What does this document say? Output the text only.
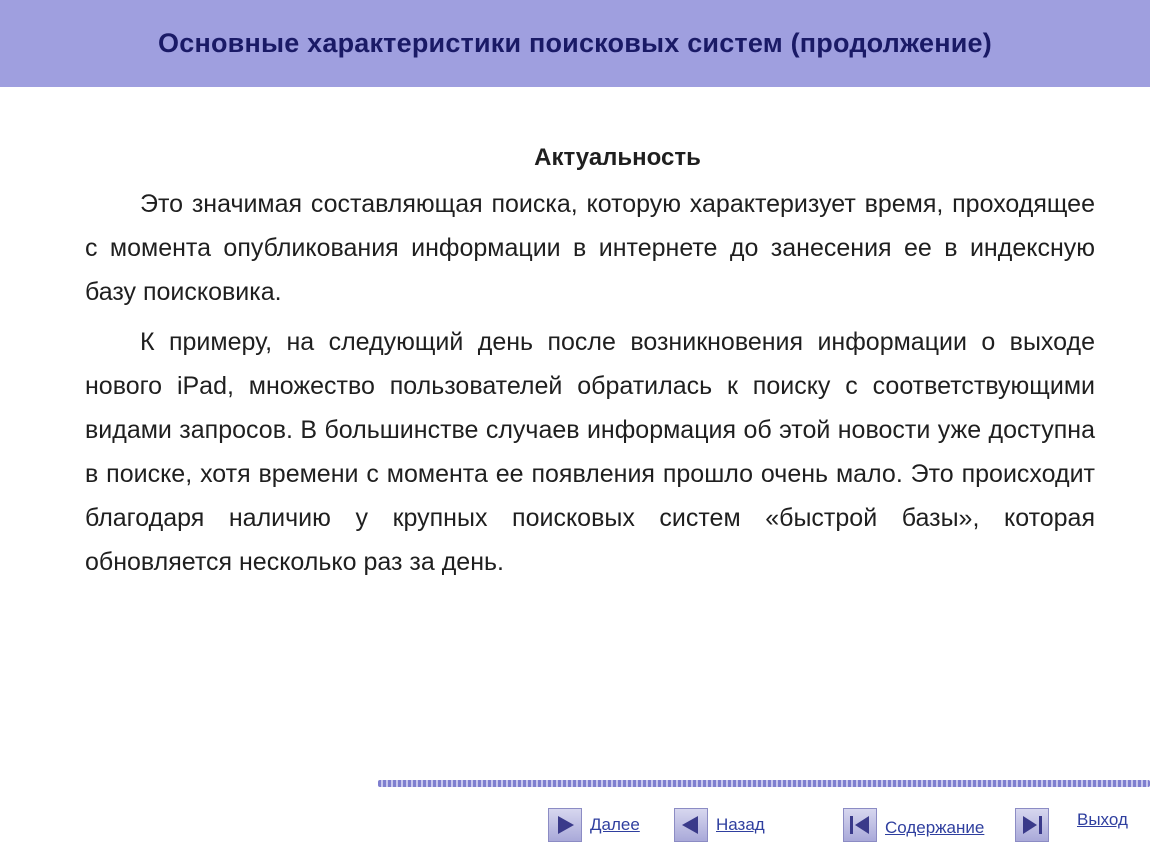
Основные характеристики поисковых систем (продолжение)
Актуальность

Это значимая составляющая поиска, которую характеризует время, проходящее с момента опубликования информации в интернете до занесения ее в индексную базу поисковика.

К примеру, на следующий день после возникновения информации о выходе нового iPad, множество пользователей обратилась к поиску с соответствующими видами запросов. В большинстве случаев информация об этой новости уже доступна в поиске, хотя времени с момента ее появления прошло очень мало. Это происходит благодаря наличию у крупных поисковых систем «быстрой базы», которая обновляется несколько раз за день.

Далее	Назад	Содержание	Выход
